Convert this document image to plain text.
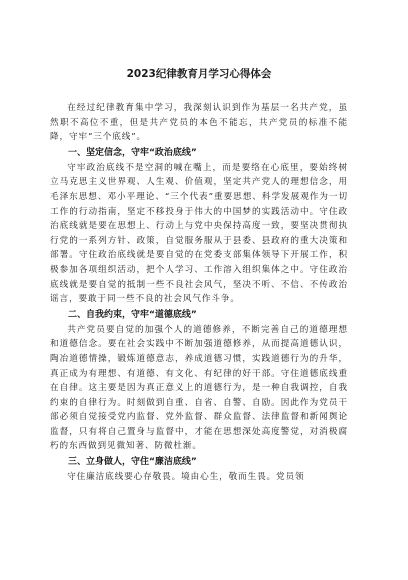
2023纪律教育月学习心得体会

在经过纪律教育集中学习，我深刻认识到作为基层一名共产党，虽然职不高位不重，但是共产党员的本色不能忘，共产党员的标准不能降，守牢“三个底线”。

一、坚定信念，守牢“政治底线”

守牢政治底线不是空洞的喊在嘴上，而是要络在心底里，要始终树立马克思主义世界观、人生观、价值观，坚定共产党人的理想信念，用毛泽东思想、邓小平理论、“三个代表”重要思想、科学发展观作为一切工作的行动指南，坚定不移投身于伟大的中国梦的实践活动中。守住政治底线就是要在思想上、行动上与党中央保持高度一致，要坚决贯彻执行党的一系列方针、政策，自觉服务服从于县委、县政府的重大决策和部署。守住政治底线就是要自觉的在党委支部集体领导下开展工作，积极参加各项组织活动，把个人学习、工作溶入组织集体之中。守住政治底线就是要自觉的抵制一些不良社会风气，坚决不听、不信、不传政治谣言，要敢于同一些不良的社会风气作斗争。

二、自我约束，守牢“道德底线”

共产党员要自觉的加强个人的道德修养，不断完善自己的道德理想和道德信念。要在社会实践中不断加强道德修养，从而提高道德认识，陶冶道德情操，锻炼道德意志，养成道德习惯，实践道德行为的升华，真正成为有理想、有道德、有文化、有纪律的好干部。守住道德底线重在自律。这主要是因为真正意义上的道德行为，是一种自我调控，自我约束的自律行为。时刻做到自重、自省、自警、自励。因此作为党员干部必须自觉接受党内监督、党外监督、群众监督、法律监督和新闻舆论监督，只有将自己置身与监督中，才能在思想深处高度警觉，对消极腐朽的东西做到见微知著、防微杜渐。

三、立身做人，守住“廉洁底线”

守住廉洁底线要心存敬畏。境由心生，敬而生畏。党员领
